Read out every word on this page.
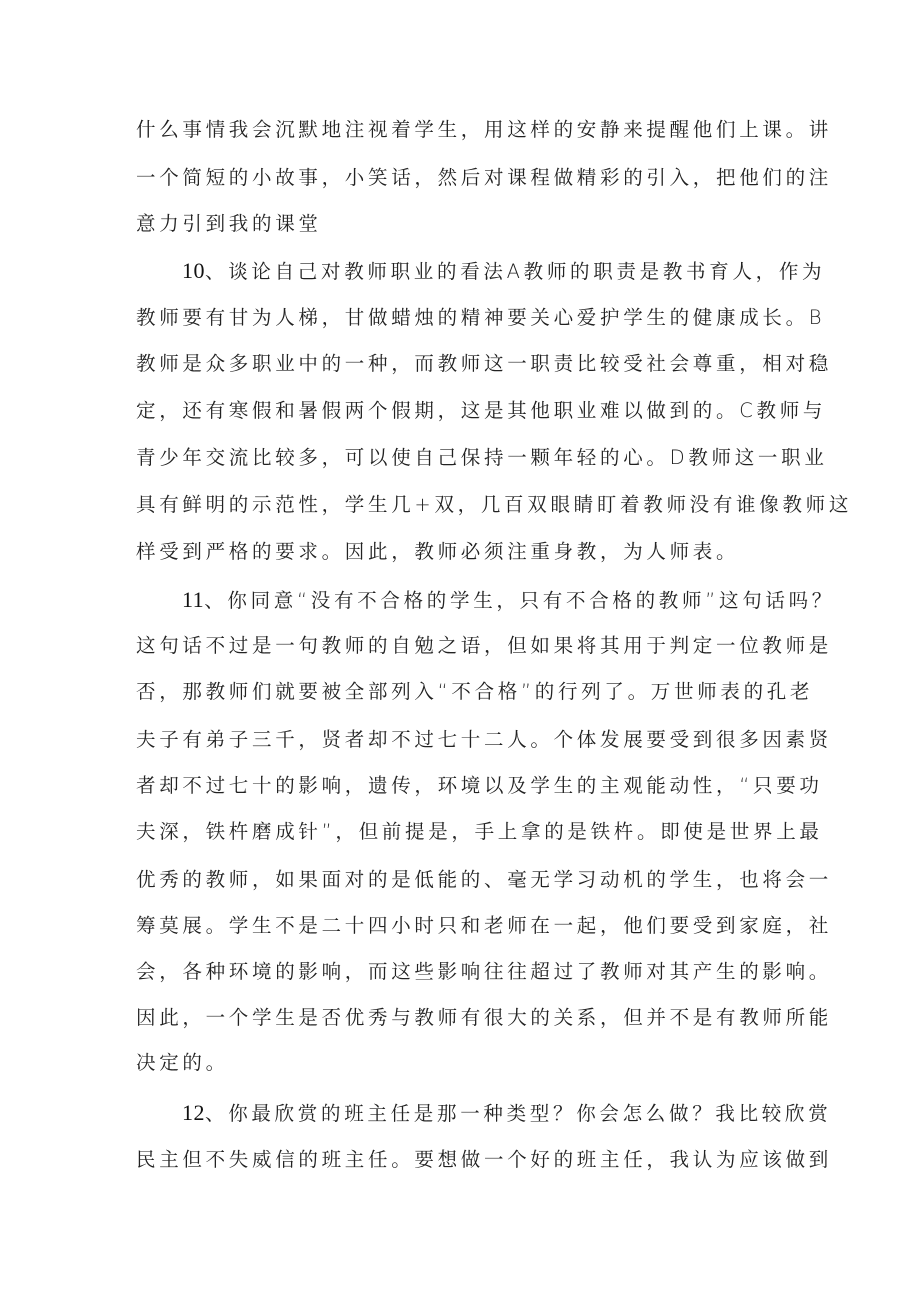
什么事情我会沉默地注视着学生，用这样的安静来提醒他们上课。讲
一个简短的小故事，小笑话，然后对课程做精彩的引入，把他们的注
意力引到我的课堂
10、谈论自己对教师职业的看法A教师的职责是教书育人，作为
教师要有甘为人梯，甘做蜡烛的精神要关心爱护学生的健康成长。B
教师是众多职业中的一种，而教师这一职责比较受社会尊重，相对稳
定，还有寒假和暑假两个假期，这是其他职业难以做到的。C教师与
青少年交流比较多，可以使自己保持一颗年轻的心。D教师这一职业
具有鲜明的示范性，学生几+双，几百双眼睛盯着教师没有谁像教师这
样受到严格的要求。因此，教师必须注重身教，为人师表。
11、你同意“没有不合格的学生，只有不合格的教师”这句话吗？
这句话不过是一句教师的自勉之语，但如果将其用于判定一位教师是
否，那教师们就要被全部列入“不合格”的行列了。万世师表的孔老
夫子有弟子三千，贤者却不过七十二人。个体发展要受到很多因素贤
者却不过七十的影响，遗传，环境以及学生的主观能动性，“只要功
夫深，铁杵磨成针”，但前提是，手上拿的是铁杵。即使是世界上最
优秀的教师，如果面对的是低能的、毫无学习动机的学生，也将会一
筹莫展。学生不是二十四小时只和老师在一起，他们要受到家庭，社
会，各种环境的影响，而这些影响往往超过了教师对其产生的影响。
因此，一个学生是否优秀与教师有很大的关系，但并不是有教师所能
决定的。
12、你最欣赏的班主任是那一种类型？你会怎么做？我比较欣赏
民主但不失威信的班主任。要想做一个好的班主任，我认为应该做到
